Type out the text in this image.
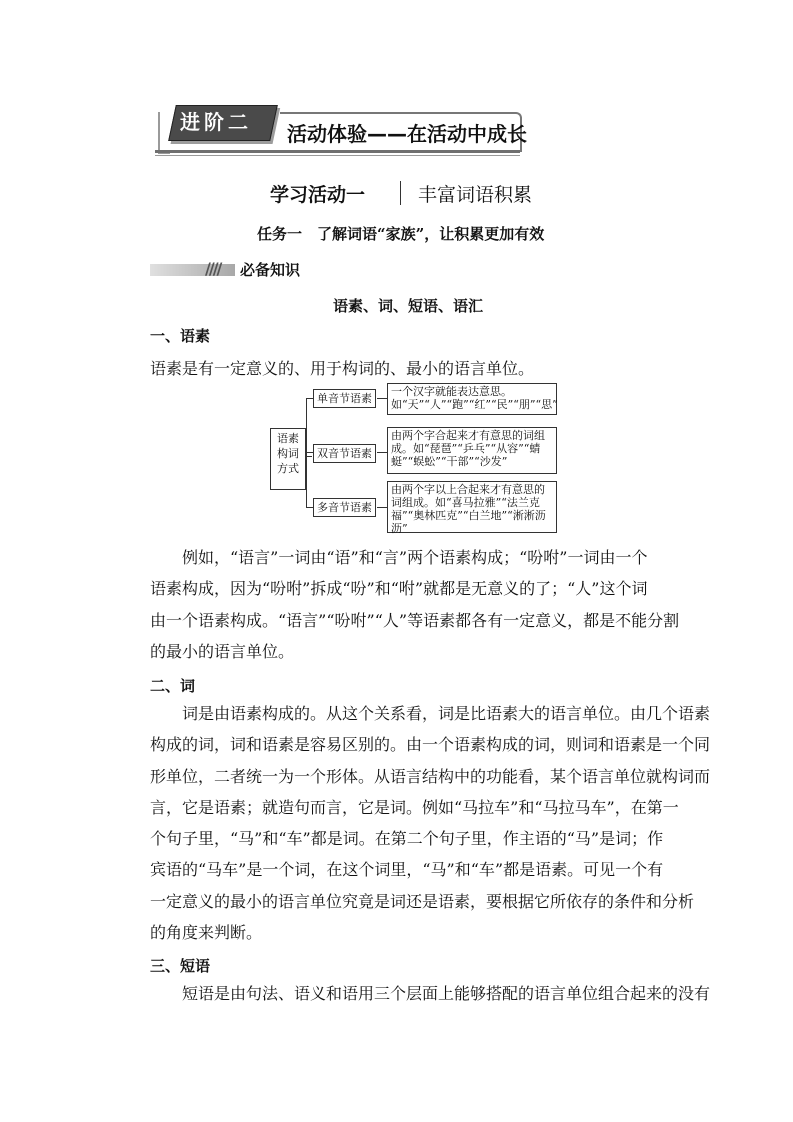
进阶二	活动体验——在活动中成长
学习活动一	丰富词语积累
任务一　了解词语“家族”，让积累更加有效
//// 必备知识
语素、词、短语、语汇
一、语素
语素是有一定意义的、用于构词的、最小的语言单位。
语素构词方式
单音节语素
双音节语素
多音节语素
一个汉字就能表达意思。如“天”“人”“跑”“红”“民”“朋”“思”
由两个字合起来才有意思的词组成。如“琵琶”“乒乓”“从容”“蜻蜓”“蜈蚣”“干部”“沙发”
由两个字以上合起来才有意思的词组成。如“喜马拉雅”“法兰克福”“奥林匹克”“白兰地”“淅淅沥沥”
　　例如，“语言”一词由“语”和“言”两个语素构成；“吩咐”一词由一个
语素构成，因为“吩咐”拆成“吩”和“咐”就都是无意义的了；“人”这个词
由一个语素构成。“语言”“吩咐”“人”等语素都各有一定意义，都是不能分割
的最小的语言单位。
二、词
　　词是由语素构成的。从这个关系看，词是比语素大的语言单位。由几个语素
构成的词，词和语素是容易区别的。由一个语素构成的词，则词和语素是一个同
形单位，二者统一为一个形体。从语言结构中的功能看，某个语言单位就构词而
言，它是语素；就造句而言，它是词。例如“马拉车”和“马拉马车”，在第一
个句子里，“马”和“车”都是词。在第二个句子里，作主语的“马”是词；作
宾语的“马车”是一个词，在这个词里，“马”和“车”都是语素。可见一个有
一定意义的最小的语言单位究竟是词还是语素，要根据它所依存的条件和分析
的角度来判断。
三、短语
　　短语是由句法、语义和语用三个层面上能够搭配的语言单位组合起来的没有
